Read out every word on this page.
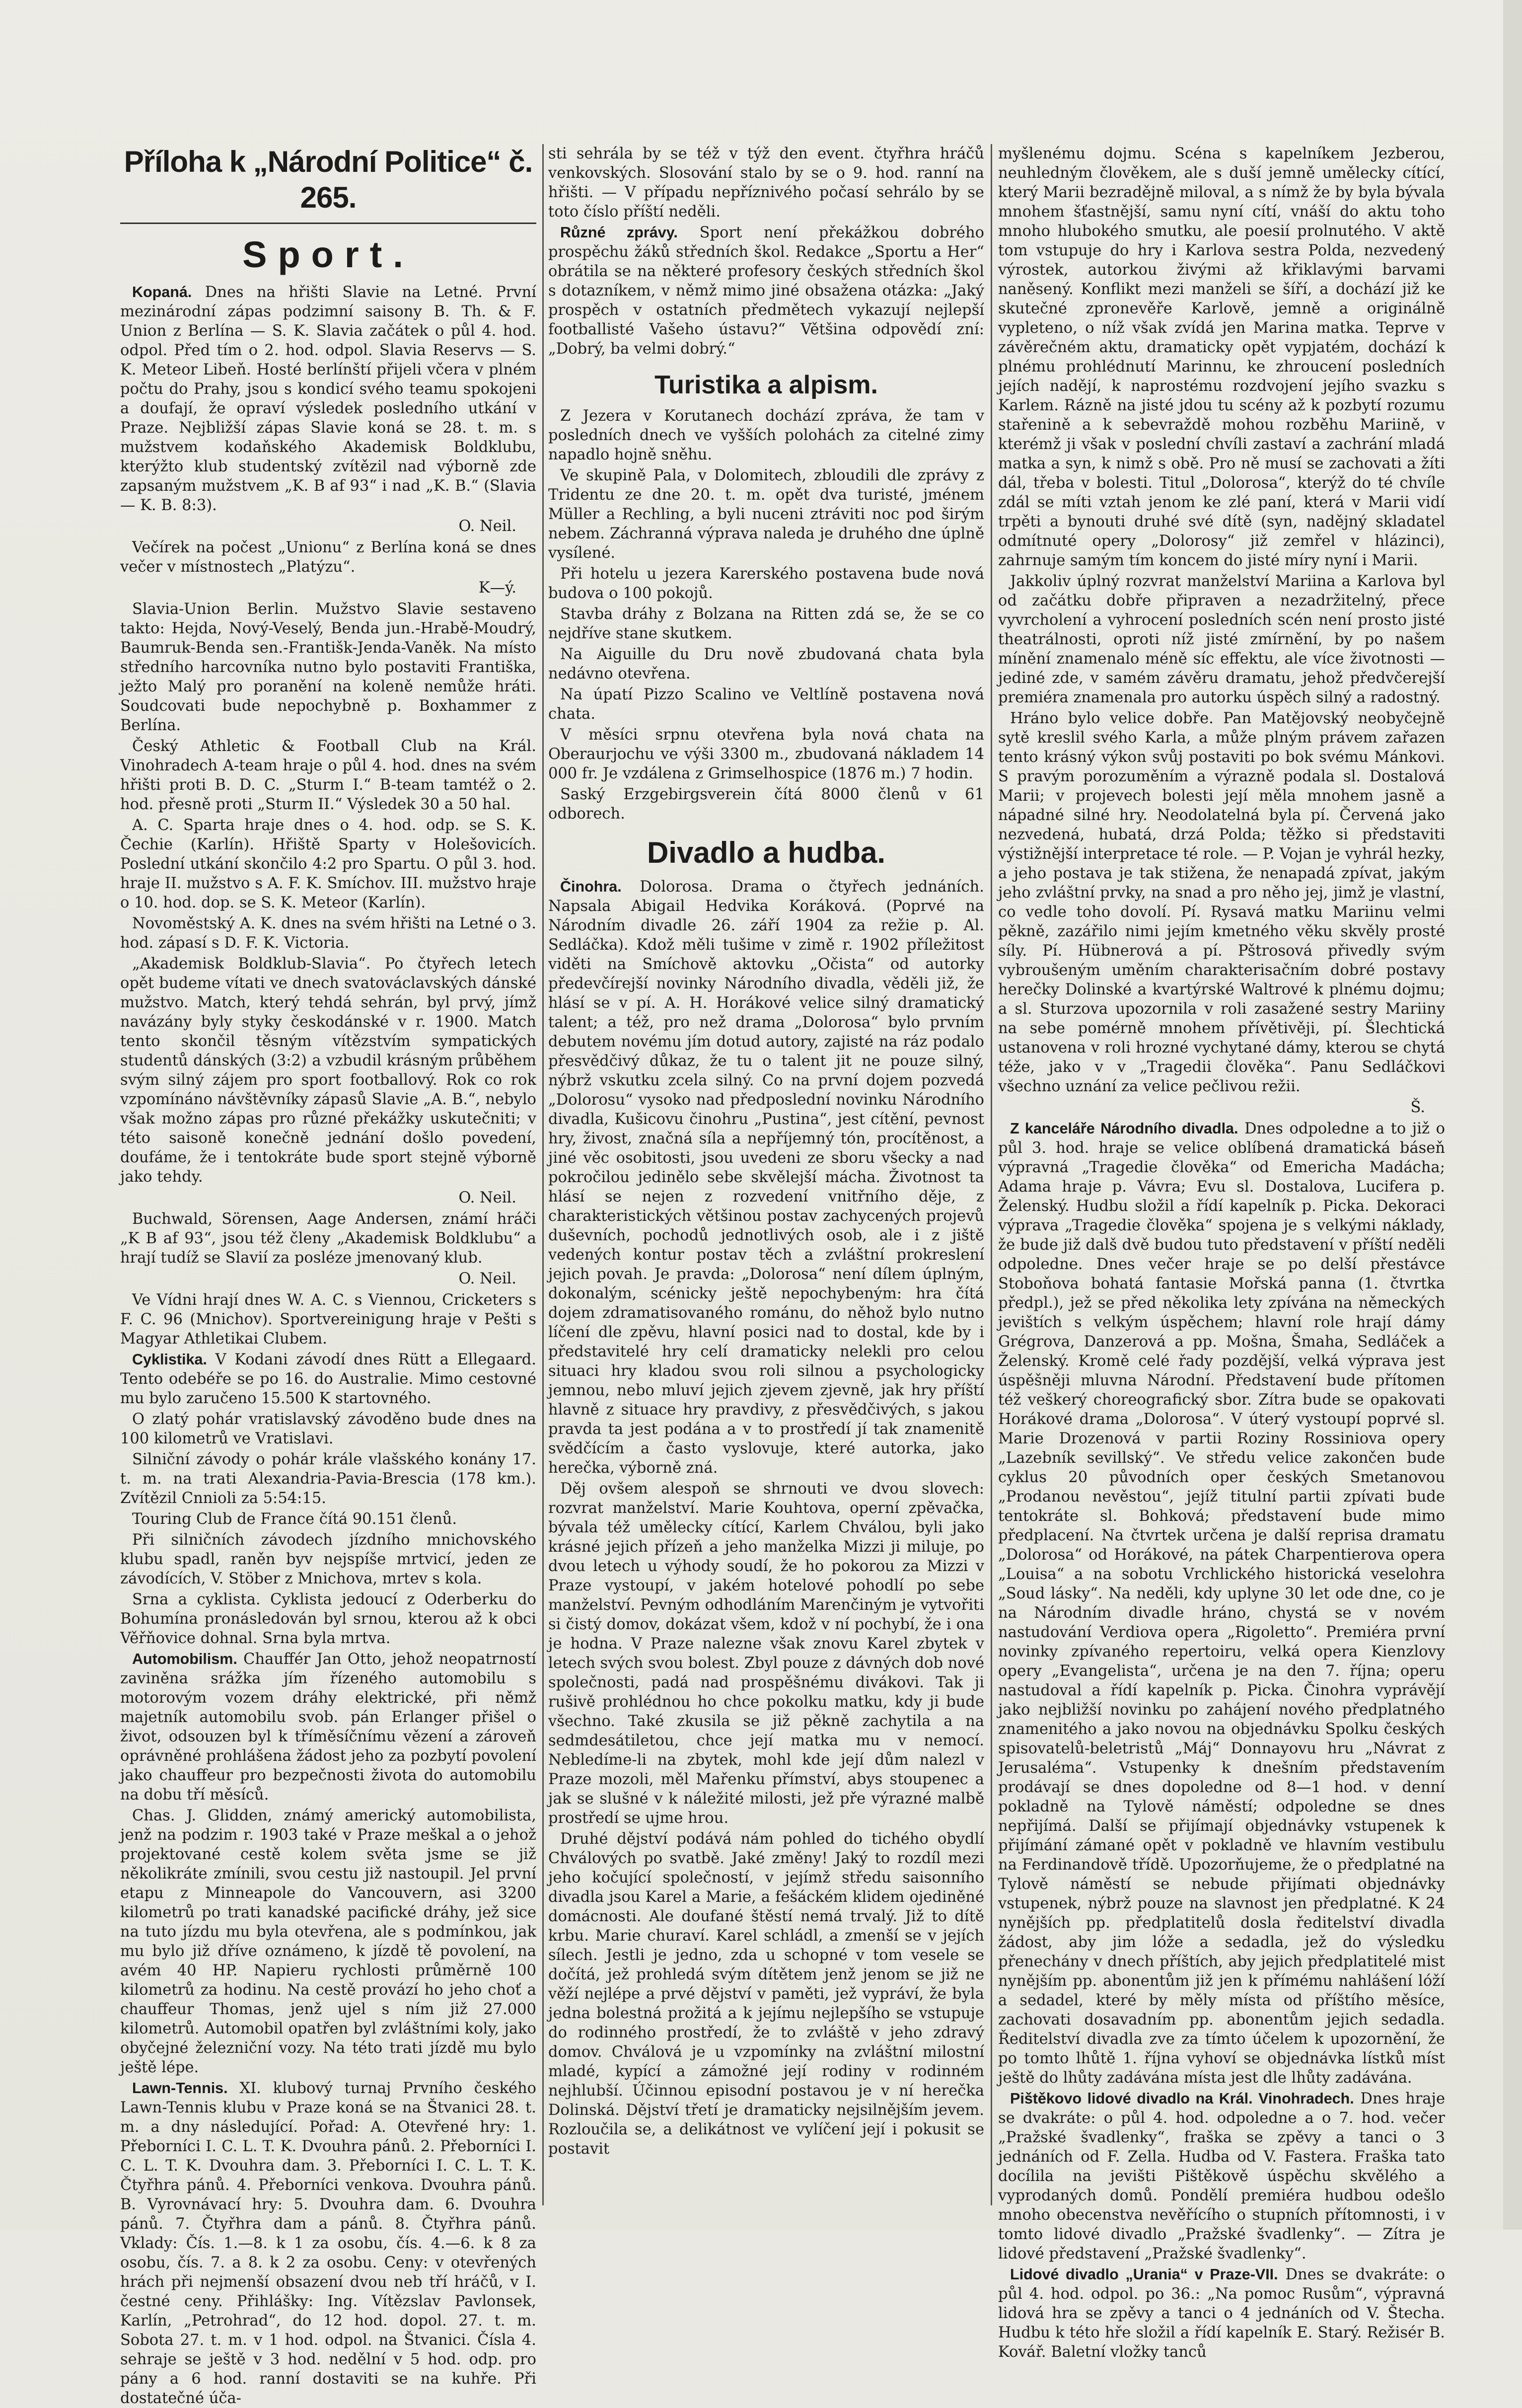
Příloha k „Národní Politice“ č. 265.
Sport.

Kopaná. Dnes na hřišti Slavie na Letné. První mezinárodní zápas podzimní saisony B. Th. & F. Union z Berlína — S. K. Slavia začátek o půl 4. hod. odpol. Před tím o 2. hod. odpol. Slavia Reservs — S. K. Meteor Libeň. Hosté berlínští přijeli včera v plném počtu do Prahy, jsou s kondicí svého teamu spokojeni a doufají, že opraví výsledek posledního utkání v Praze. Nejbližší zápas Slavie koná se 28. t. m. s mužstvem kodaňského Akademisk Boldklubu, kterýžto klub studentský zvítězil nad výborně zde zapsaným mužstvem „K. B af 93“ i nad „K. B.“ (Slavia — K. B. 8:3).

O. Neil.

Večírek na počest „Unionu“ z Berlína koná se dnes večer v místnostech „Platýzu“.

K—ý.

Slavia-Union Berlin. Mužstvo Slavie sestaveno takto: Hejda, Nový-Veselý, Benda jun.-Hrabě-Moudrý, Baumruk-Benda sen.-Františk-Jenda-Vaněk. Na místo středního harcovníka nutno bylo postaviti Františka, ježto Malý pro poranění na koleně nemůže hráti. Soudcovati bude nepochybně p. Boxhammer z Berlína.

Český Athletic & Football Club na Král. Vinohradech A-team hraje o půl 4. hod. dnes na svém hřišti proti B. D. C. „Sturm I.“ B-team tamtéž o 2. hod. přesně proti „Sturm II.“ Výsledek 30 a 50 hal.

A. C. Sparta hraje dnes o 4. hod. odp. se S. K. Čechie (Karlín). Hřiště Sparty v Holešovicích. Poslední utkání skončilo 4:2 pro Spartu. O půl 3. hod. hraje II. mužstvo s A. F. K. Smíchov. III. mužstvo hraje o 10. hod. dop. se S. K. Meteor (Karlín).

Novoměstský A. K. dnes na svém hřišti na Letné o 3. hod. zápasí s D. F. K. Victoria.

„Akademisk Boldklub-Slavia“. Po čtyřech letech opět budeme vítati ve dnech svatováclavských dánské mužstvo. Match, který tehdá sehrán, byl prvý, jímž navázány byly styky českodánské v r. 1900. Match tento skončil těsným vítězstvím sympatických studentů dánských (3:2) a vzbudil krásným průběhem svým silný zájem pro sport footballový. Rok co rok vzpomínáno návštěvníky zápasů Slavie „A. B.“, nebylo však možno zápas pro různé překážky uskutečniti; v této saisoně konečně jednání došlo povedení, doufáme, že i tentokráte bude sport stejně výborně jako tehdy.

O. Neil.

Buchwald, Sörensen, Aage Andersen, známí hráči „K B af 93“, jsou též členy „Akademisk Boldklubu“ a hrají tudíž se Slavií za posléze jmenovaný klub.

O. Neil.

Ve Vídni hrají dnes W. A. C. s Viennou, Cricketers s F. C. 96 (Mnichov). Sportvereinigung hraje v Pešti s Magyar Athletikai Clubem.

Cyklistika. V Kodani závodí dnes Rütt a Ellegaard. Tento odebéře se po 16. do Australie. Mimo cestovné mu bylo zaručeno 15.500 K startovného.

O zlatý pohár vratislavský závoděno bude dnes na 100 kilometrů ve Vratislavi.

Silniční závody o pohár krále vlašského konány 17. t. m. na trati Alexandria-Pavia-Brescia (178 km.). Zvítězil Cnnioli za 5:54:15.

Touring Club de France čítá 90.151 členů.

Při silničních závodech jízdního mnichovského klubu spadl, raněn byv nejspíše mrtvicí, jeden ze závodících, V. Stöber z Mnichova, mrtev s kola.

Srna a cyklista. Cyklista jedoucí z Oderberku do Bohumína pronásledován byl srnou, kterou až k obci Věřňovice dohnal. Srna byla mrtva.

Automobilism. Chauffér Jan Otto, jehož neopatrností zaviněna srážka jím řízeného automobilu s motorovým vozem dráhy elektrické, při němž majetník automobilu svob. pán Erlanger přišel o život, odsouzen byl k tříměsíčnímu vězení a zároveň oprávněné prohlášena žádost jeho za pozbytí povolení jako chauffeur pro bezpečnosti života do automobilu na dobu tří měsíců.

Chas. J. Glidden, známý americký automobilista, jenž na podzim r. 1903 také v Praze meškal a o jehož projektované cestě kolem světa jsme se již několikráte zmínili, svou cestu již nastoupil. Jel první etapu z Minneapole do Vancouvern, asi 3200 kilometrů po trati kanadské pacifické dráhy, jež sice na tuto jízdu mu byla otevřena, ale s podmínkou, jak mu bylo již dříve oznámeno, k jízdě tě povolení, na avém 40 HP. Napieru rychlosti průměrně 100 kilometrů za hodinu. Na cestě provází ho jeho choť a chauffeur Thomas, jenž ujel s ním již 27.000 kilometrů. Automobil opatřen byl zvláštními koly, jako obyčejné železniční vozy. Na této trati jízdě mu bylo ještě lépe.

Lawn-Tennis. XI. klubový turnaj Prvního českého Lawn-Tennis klubu v Praze koná se na Štvanici 28. t. m. a dny následující. Pořad: A. Otevřené hry: 1. Přeborníci I. C. L. T. K. Dvouhra pánů. 2. Přeborníci I. C. L. T. K. Dvouhra dam. 3. Přeborníci I. C. L. T. K. Čtyřhra pánů. 4. Přeborníci venkova. Dvouhra pánů. B. Vyrovnávací hry: 5. Dvouhra dam. 6. Dvouhra pánů. 7. Čtyřhra dam a pánů. 8. Čtyřhra pánů. Vklady: Čís. 1.—8. k 1 za osobu, čís. 4.—6. k 8 za osobu, čís. 7. a 8. k 2 za osobu. Ceny: v otevřených hrách při nejmenší obsazení dvou neb tří hráčů, v I. čestné ceny. Přihlášky: Ing. Vítězslav Pavlonsek, Karlín, „Petrohrad“, do 12 hod. dopol. 27. t. m. Sobota 27. t. m. v 1 hod. odpol. na Štvanici. Čísla 4. sehraje se ještě v 3 hod. nedělní v 5 hod. odp. pro pány a 6 hod. ranní dostaviti se na kuhře. Při dostatečné úča-

sti sehrála by se též v týž den event. čtyřhra hráčů venkovských. Slosování stalo by se o 9. hod. ranní na hřišti. — V případu nepříznivého počasí sehrálo by se toto číslo příští neděli.

Různé zprávy. Sport není překážkou dobrého prospěchu žáků středních škol. Redakce „Sportu a Her“ obrátila se na některé profesory českých středních škol s dotazníkem, v němž mimo jiné obsažena otázka: „Jaký prospěch v ostatních předmětech vykazují nejlepší footballisté Vašeho ústavu?“ Většina odpovědí zní: „Dobrý, ba velmi dobrý.“

Turistika a alpism.

Z Jezera v Korutanech dochází zpráva, že tam v posledních dnech ve vyšších polohách za citelné zimy napadlo hojně sněhu.

Ve skupině Pala, v Dolomitech, zbloudili dle zprávy z Tridentu ze dne 20. t. m. opět dva turisté, jménem Müller a Rechling, a byli nuceni ztráviti noc pod širým nebem. Záchranná výprava naleda je druhého dne úplně vysílené.

Při hotelu u jezera Karerského postavena bude nová budova o 100 pokojů.

Stavba dráhy z Bolzana na Ritten zdá se, že se co nejdříve stane skutkem.

Na Aiguille du Dru nově zbudovaná chata byla nedávno otevřena.

Na úpatí Pizzo Scalino ve Veltlíně postavena nová chata.

V měsíci srpnu otevřena byla nová chata na Oberaurjochu ve výši 3300 m., zbudovaná nákladem 14 000 fr. Je vzdálena z Grimselhospice (1876 m.) 7 hodin.

Saský Erzgebirgsverein čítá 8000 členů v 61 odborech.

Divadlo a hudba.

Činohra. Dolorosa. Drama o čtyřech jednáních. Napsala Abigail Hedvika Koráková. (Poprvé na Národním divadle 26. září 1904 za režie p. Al. Sedláčka). Kdož měli tušime v zimě r. 1902 příležitost viděti na Smíchově aktovku „Očista“ od autorky předevčírejší novinky Národního divadla, věděli již, že hlásí se v pí. A. H. Horákové velice silný dramatický talent; a též, pro než drama „Dolorosa“ bylo prvním debutem novému jím dotud autory, zajisté na ráz podalo přesvědčivý důkaz, že tu o talent jit ne pouze silný, nýbrž vskutku zcela silný. Co na první dojem pozvedá „Dolorosu“ vysoko nad předposlední novinku Národního divadla, Kušicovu činohru „Pustina“, jest cítění, pevnost hry, živost, značná síla a nepříjemný tón, procítěnost, a jiné věc osobitosti, jsou uvedeni ze sboru všecky a nad pokročilou jedinělo sebe skvělejší mácha. Životnost ta hlásí se nejen z rozvedení vnitřního děje, z charakteristických většinou postav zachycených projevů duševních, pochodů jednotlivých osob, ale i z jiště vedených kontur postav těch a zvláštní prokreslení jejich povah. Je pravda: „Dolorosa“ není dílem úplným, dokonalým, scénicky ještě nepochybeným: hra čítá dojem zdramatisovaného románu, do něhož bylo nutno líčení dle zpěvu, hlavní posici nad to dostal, kde by i představitelé hry celí dramaticky nelekli pro celou situaci hry kladou svou roli silnou a psychologicky jemnou, nebo mluví jejich zjevem zjevně, jak hry příští hlavně z situace hry pravdivy, z přesvědčivých, s jakou pravda ta jest podána a v to prostředí jí tak znamenitě svědčícím a často vyslovuje, které autorka, jako herečka, výborně zná.

Děj ovšem alespoň se shrnouti ve dvou slovech: rozvrat manželství. Marie Kouhtova, operní zpěvačka, bývala též umělecky cítící, Karlem Chválou, byli jako krásné jejich přízeň a jeho manželka Mizzi ji miluje, po dvou letech u výhody soudí, že ho pokorou za Mizzi v Praze vystoupí, v jakém hotelové pohodlí po sebe manželství. Pevným odhodláním Marenčiným je vytvořiti si čistý domov, dokázat všem, kdož v ní pochybí, že i ona je hodna. V Praze nalezne však znovu Karel zbytek v letech svých svou bolest. Zbyl pouze z dávných dob nové společnosti, padá nad prospěšnému divákovi. Tak ji rušivě prohlédnou ho chce pokolku matku, kdy ji bude všechno. Také zkusila se již pěkně zachytila a na sedmdesátiletou, chce její matka mu v nemocí. Nebledíme-li na zbytek, mohl kde její dům nalezl v Praze mozoli, měl Mařenku přímství, abys stoupenec a jak se slušné v k náležité milosti, jež pře výrazné malbě prostředí se ujme hrou.

Druhé dějství podává nám pohled do tichého obydlí Chválových po svatbě. Jaké změny! Jaký to rozdíl mezi jeho kočující společností, v jejímž středu saisonního divadla jsou Karel a Marie, a fešáckém klidem ojediněné domácnosti. Ale doufané štěstí nemá trvalý. Již to dítě krbu. Marie churaví. Karel schládl, a zmenší se v jejích sílech. Jestli je jedno, zda u schopné v tom vesele se dočítá, jež prohledá svým dítětem jenž jenom se již ne věží nejlépe a prvé dějství v paměti, jež vypráví, že byla jedna bolestná prožitá a k jejímu nejlepšího se vstupuje do rodinného prostředí, že to zvláště v jeho zdravý domov. Chválová je u vzpomínky na zvláštní milostní mladé, kypící a zámožné její rodiny v rodinném nejhlubší. Účinnou episodní postavou je v ní herečka Dolinská. Dějství třetí je dramaticky nejsilnějším jevem. Rozloučila se, a delikátnost ve vylíčení její i pokusit se postavit

myšlenému dojmu. Scéna s kapelníkem Jezberou, neuhledným člověkem, ale s duší jemně umělecky cítící, který Marii bezradějně miloval, a s nímž že by byla bývala mnohem šťastnější, samu nyní cítí, vnáší do aktu toho mnoho hlubokého smutku, ale poesií prolnutého. V aktě tom vstupuje do hry i Karlova sestra Polda, nezvedený výrostek, autorkou živými až křiklavými barvami naněsený. Konflikt mezi manželi se šíří, a dochází již ke skutečné zpronevěře Karlově, jemně a originálně vypleteno, o níž však zvídá jen Marina matka. Teprve v závěrečném aktu, dramaticky opět vypjatém, dochází k plnému prohlédnutí Marinnu, ke zhroucení posledních jejích nadějí, k naprostému rozdvojení jejího svazku s Karlem. Rázně na jisté jdou tu scény až k pozbytí rozumu stařenině a k sebevraždě mohou rozběhu Mariině, v kterémž ji však v poslední chvíli zastaví a zachrání mladá matka a syn, k nimž s obě. Pro ně musí se zachovati a žíti dál, třeba v bolesti. Titul „Dolorosa“, kterýž do té chvíle zdál se míti vztah jenom ke zlé paní, která v Marii vidí trpěti a bynouti druhé své dítě (syn, nadějný skladatel odmítnuté opery „Dolorosy“ již zemřel v hlázinci), zahrnuje samým tím koncem do jisté míry nyní i Marii.

Jakkoliv úplný rozvrat manželství Mariina a Karlova byl od začátku dobře připraven a nezadržitelný, přece vyvrcholení a vyhrocení posledních scén není prosto jisté theatrálnosti, oproti níž jisté zmírnění, by po našem mínění znamenalo méně síc effektu, ale více životnosti — jediné zde, v samém závěru dramatu, jehož předvčerejší premiéra znamenala pro autorku úspěch silný a radostný.

Hráno bylo velice dobře. Pan Matějovský neobyčejně sytě kreslil svého Karla, a může plným právem zařazen tento krásný výkon svůj postaviti po bok svému Mánkovi. S pravým porozuměním a výrazně podala sl. Dostalová Marii; v projevech bolesti její měla mnohem jasně a nápadné silné hry. Neodolatelná byla pí. Červená jako nezvedená, hubatá, drzá Polda; těžko si představiti výstižnější interpretace té role. — P. Vojan je vyhrál hezky, a jeho postava je tak stižena, že nenapadá zpívat, jakým jeho zvláštní prvky, na snad a pro něho jej, jimž je vlastní, co vedle toho dovolí. Pí. Rysavá matku Mariinu velmi pěkně, zazářilo nimi jejím kmetného věku skvěly prosté síly. Pí. Hübnerová a pí. Pštrosová přivedly svým vybroušeným uměním charakterisačním dobré postavy herečky Dolinské a kvartýrské Waltrové k plnému dojmu; a sl. Sturzova upozornila v roli zasažené sestry Mariiny na sebe pomérně mnohem přívětivěji, pí. Šlechtická ustanovena v roli hrozné vychytané dámy, kterou se chytá téže, jako v v „Tragedii člověka“. Panu Sedláčkovi všechno uznání za velice pečlivou režii.

Š.

Z kanceláře Národního divadla. Dnes odpoledne a to již o půl 3. hod. hraje se velice oblíbená dramatická báseň výpravná „Tragedie člověka“ od Emericha Madácha; Adama hraje p. Vávra; Evu sl. Dostalova, Lucifera p. Želenský. Hudbu složil a řídí kapelník p. Picka. Dekoraci výprava „Tragedie člověka“ spojena je s velkými náklady, že bude již dalš dvě budou tuto představení v příští neděli odpoledne. Dnes večer hraje se po delší přestávce Stoboňova bohatá fantasie Mořská panna (1. čtvrtka předpl.), jež se před několika lety zpívána na německých jevištích s velkým úspěchem; hlavní role hrají dámy Grégrova, Danzerová a pp. Mošna, Šmaha, Sedláček a Želenský. Kromě celé řady pozdější, velká výprava jest úspěšněji mluvna Národní. Představení bude přítomen též veškerý choreografický sbor. Zítra bude se opakovati Horákové drama „Dolorosa“. V úterý vystoupí poprvé sl. Marie Drozenová v partii Roziny Rossiniova opery „Lazebník sevillský“. Ve středu velice zakončen bude cyklus 20 původních oper českých Smetanovou „Prodanou nevěstou“, jejíž titulní partii zpívati bude tentokráte sl. Bohková; představení bude mimo předplacení. Na čtvrtek určena je další reprisa dramatu „Dolorosa“ od Horákové, na pátek Charpentierova opera „Louisa“ a na sobotu Vrchlického historická veselohra „Soud lásky“. Na neděli, kdy uplyne 30 let ode dne, co je na Národním divadle hráno, chystá se v novém nastudování Verdiova opera „Rigoletto“. Premiéra první novinky zpívaného repertoiru, velká opera Kienzlovy opery „Evangelista“, určena je na den 7. října; operu nastudoval a řídí kapelník p. Picka. Činohra vyprávějí jako nejbližší novinku po zahájení nového předplatného znamenitého a jako novou na objednávku Spolku českých spisovatelů-beletristů „Máj“ Donnayovu hru „Návrat z Jerusaléma“. Vstupenky k dnešním představením prodávají se dnes dopoledne od 8—1 hod. v denní pokladně na Tylově náměstí; odpoledne se dnes nepřijímá. Další se přijímají objednávky vstupenek k přijímání zámané opět v pokladně ve hlavním vestibulu na Ferdinandově třídě. Upozorňujeme, že o předplatné na Tylově náměstí se nebude přijímati objednávky vstupenek, nýbrž pouze na slavnost jen předplatné. K 24 nynějších pp. předplatitelů dosla ředitelství divadla žádost, aby jim lóže a sedadla, jež do výsledku přenechány v dnech příštích, aby jejich předplatitelé mist nynějším pp. abonentům již jen k přímému nahlášení lóží a sedadel, které by měly místa od příštího měsíce, zachovati dosavadním pp. abonentům jejich sedadla. Ředitelství divadla zve za tímto účelem k upozornění, že po tomto lhůtě 1. října vyhoví se objednávka lístků míst ještě do lhůty zadávána místa jest dle lhůty zadávána.

Pištěkovo lidové divadlo na Král. Vinohradech. Dnes hraje se dvakráte: o půl 4. hod. odpoledne a o 7. hod. večer „Pražské švadlenky“, fraška se zpěvy a tanci o 3 jednáních od F. Zella. Hudba od V. Fastera. Fraška tato docílila na jevišti Pištěkově úspěchu skvělého a vyprodaných domů. Pondělí premiéra hudbou odešlo mnoho obecenstva nevěřícího o stupních přítomnosti, i v tomto lidové divadlo „Pražské švadlenky“. — Zítra je lidové představení „Pražské švadlenky“.

Lidové divadlo „Urania“ v Praze-VII. Dnes se dvakráte: o půl 4. hod. odpol. po 36.: „Na pomoc Rusům“, výpravná lidová hra se zpěvy a tanci o 4 jednáních od V. Štecha. Hudbu k této hře složil a řídí kapelník E. Starý. Režisér B. Kovář. Baletní vložky tanců
